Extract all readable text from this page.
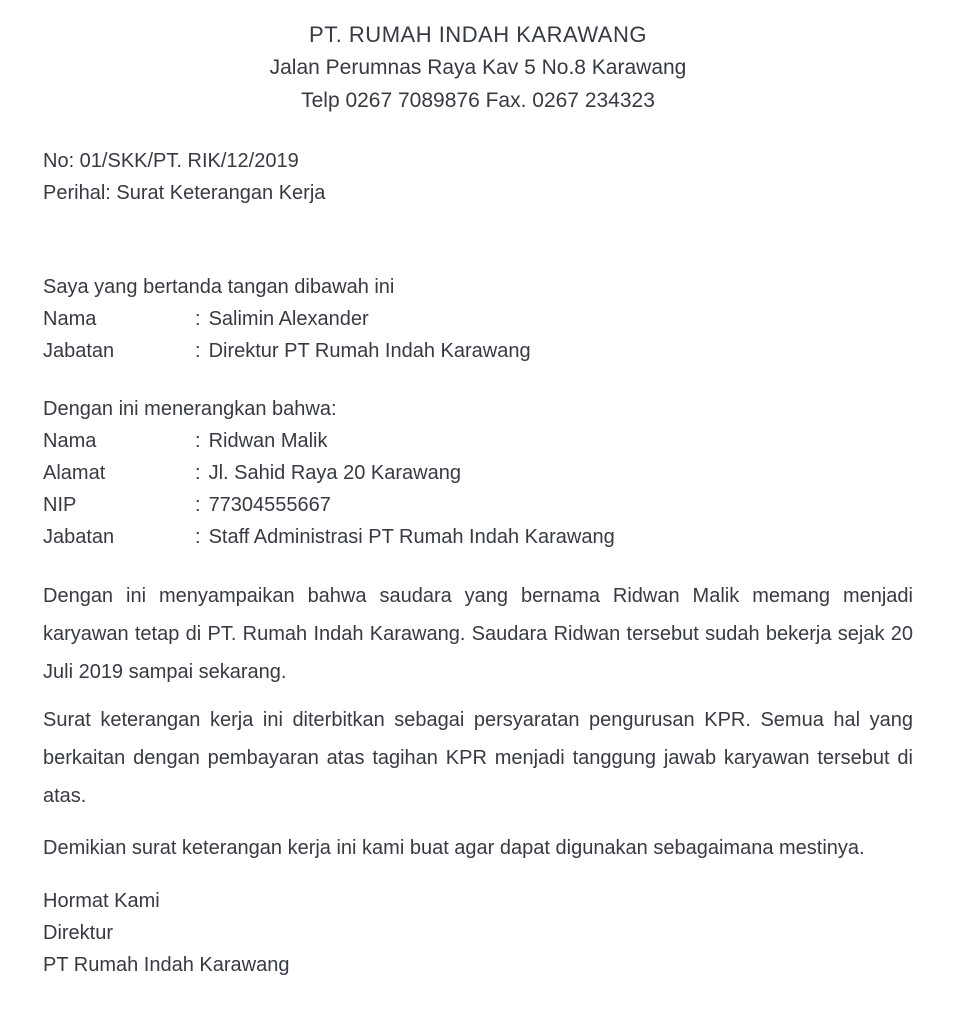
PT. RUMAH INDAH KARAWANG
Jalan Perumnas Raya Kav 5 No.8 Karawang
Telp 0267 7089876 Fax. 0267 234323
No: 01/SKK/PT. RIK/12/2019
Perihal: Surat Keterangan Kerja
Saya yang bertanda tangan dibawah ini
Nama	: Salimin Alexander
Jabatan	: Direktur PT Rumah Indah Karawang
Dengan ini menerangkan bahwa:
Nama	: Ridwan Malik
Alamat	: Jl. Sahid Raya 20 Karawang
NIP	: 77304555667
Jabatan	: Staff Administrasi PT Rumah Indah Karawang

Dengan ini menyampaikan bahwa saudara yang bernama Ridwan Malik memang menjadi karyawan tetap di PT. Rumah Indah Karawang. Saudara Ridwan tersebut sudah bekerja sejak 20 Juli 2019 sampai sekarang.

Surat keterangan kerja ini diterbitkan sebagai persyaratan pengurusan KPR. Semua hal yang berkaitan dengan pembayaran atas tagihan KPR menjadi tanggung jawab karyawan tersebut di atas.

Demikian surat keterangan kerja ini kami buat agar dapat digunakan sebagaimana mestinya.

Hormat Kami
Direktur
PT Rumah Indah Karawang
